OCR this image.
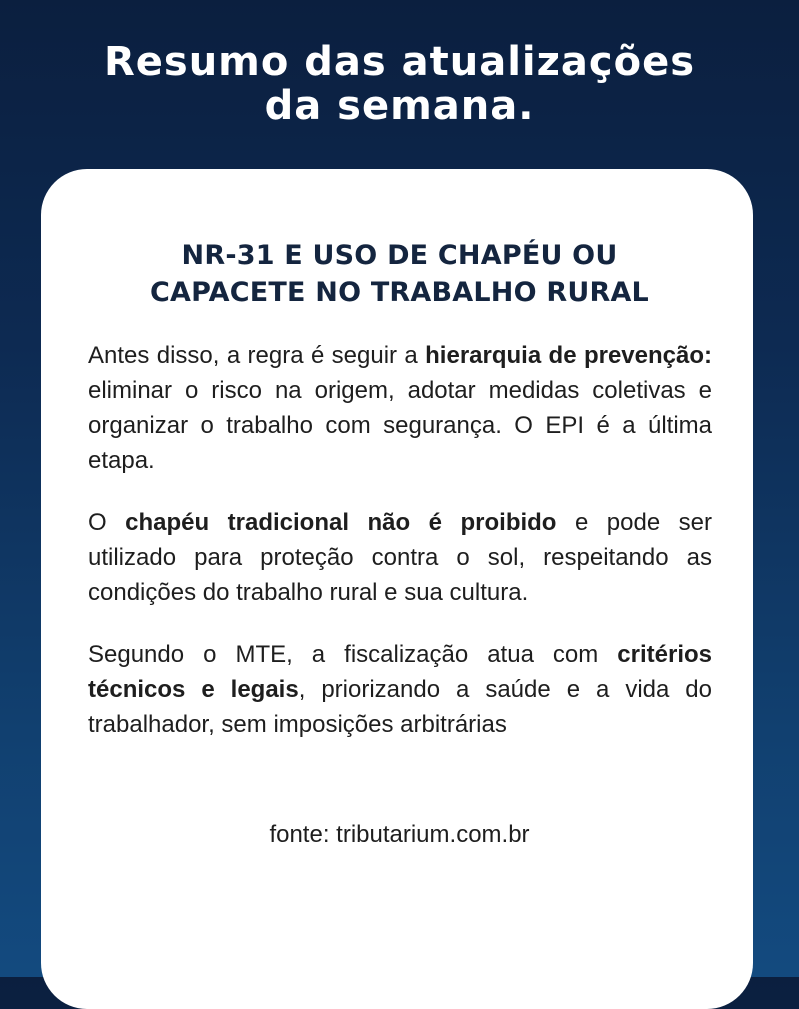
Resumo das atualizações
da semana.
NR-31 E USO DE CHAPÉU OU
CAPACETE NO TRABALHO RURAL

Antes disso, a regra é seguir a hierarquia de prevenção: eliminar o risco na origem, adotar medidas coletivas e organizar o trabalho com segurança. O EPI é a última etapa.

O chapéu tradicional não é proibido e pode ser utilizado para proteção contra o sol, respeitando as condições do trabalho rural e sua cultura.

Segundo o MTE, a fiscalização atua com critérios técnicos e legais, priorizando a saúde e a vida do trabalhador, sem imposições arbitrárias

fonte: tributarium.com.br
